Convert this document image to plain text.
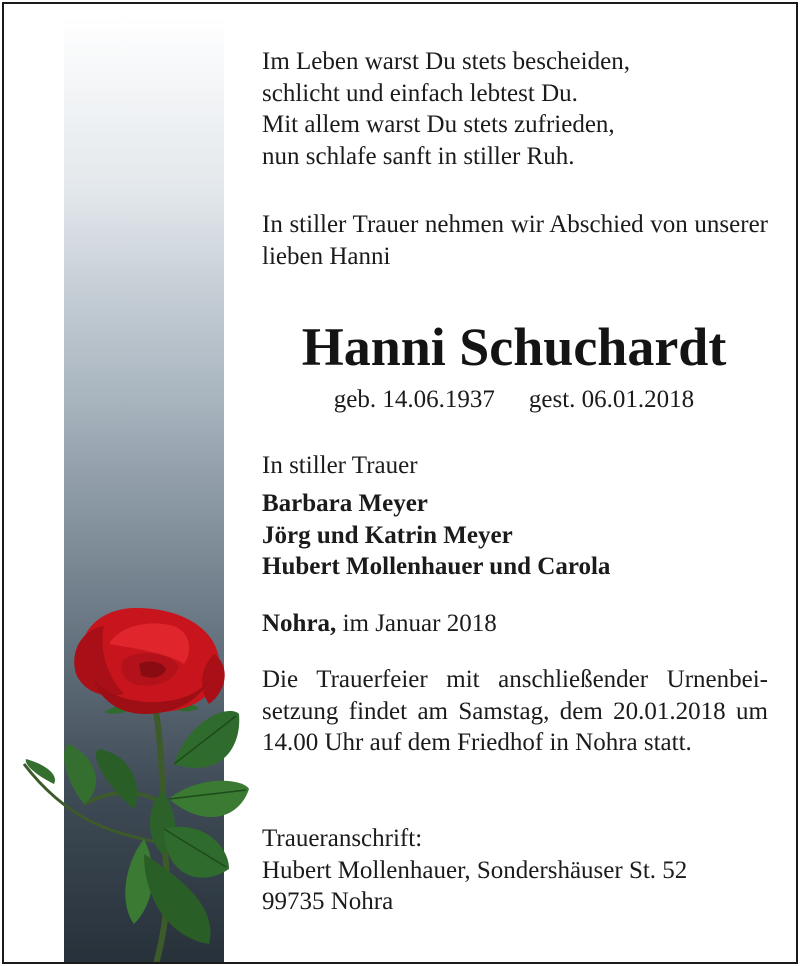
Im Leben warst Du stets bescheiden,
schlicht und einfach lebtest Du.
Mit allem warst Du stets zufrieden,
nun schlafe sanft in stiller Ruh.
In stiller Trauer nehmen wir Abschied von unserer lieben Hanni
Hanni Schuchardt
geb. 14.06.1937 gest. 06.01.2018
In stiller Trauer
Barbara Meyer
Jörg und Katrin Meyer
Hubert Mollenhauer und Carola
Nohra, im Januar 2018
Die Trauerfeier mit anschließender Urnenbei-setzung findet am Samstag, dem 20.01.2018 um 14.00 Uhr auf dem Friedhof in Nohra statt.
Traueranschrift:
Hubert Mollenhauer, Sondershäuser St. 52
99735 Nohra
